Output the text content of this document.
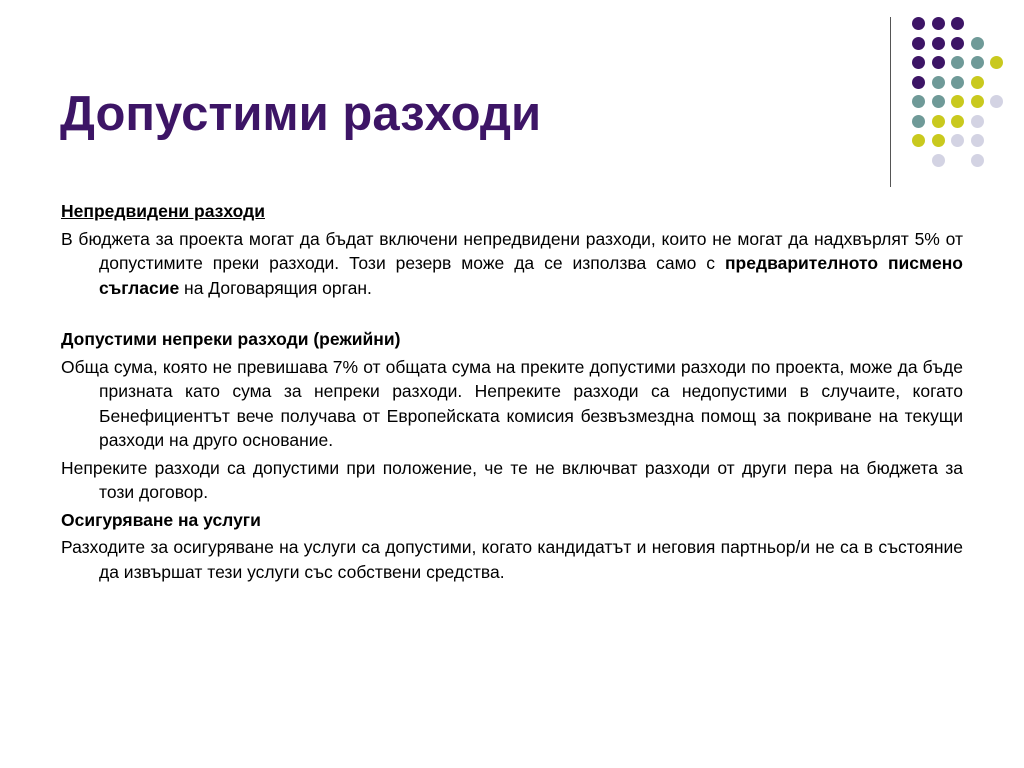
Допустими разходи

Непредвидени разходи

В бюджета за проекта могат да бъдат включени непредвидени разходи, които не могат да надхвърлят 5% от допустимите преки разходи. Този резерв може да се използва само с предварителното писмено съгласие на Договарящия орган.

Допустими непреки разходи (режийни)

Обща сума, която не превишава 7% от общата сума на преките допустими разходи по проекта, може да бъде призната като сума за непреки разходи. Непреките разходи са недопустими в случаите, когато Бенефициентът вече получава от Европейската комисия безвъзмездна помощ за покриване на текущи разходи на друго основание.

Непреките разходи са допустими при положение, че те не включват разходи от други пера на бюджета за този договор.

Осигуряване на услуги

Разходите за осигуряване на услуги са допустими, когато кандидатът и неговия партньор/и не са в състояние да извършат тези услуги със собствени средства.
